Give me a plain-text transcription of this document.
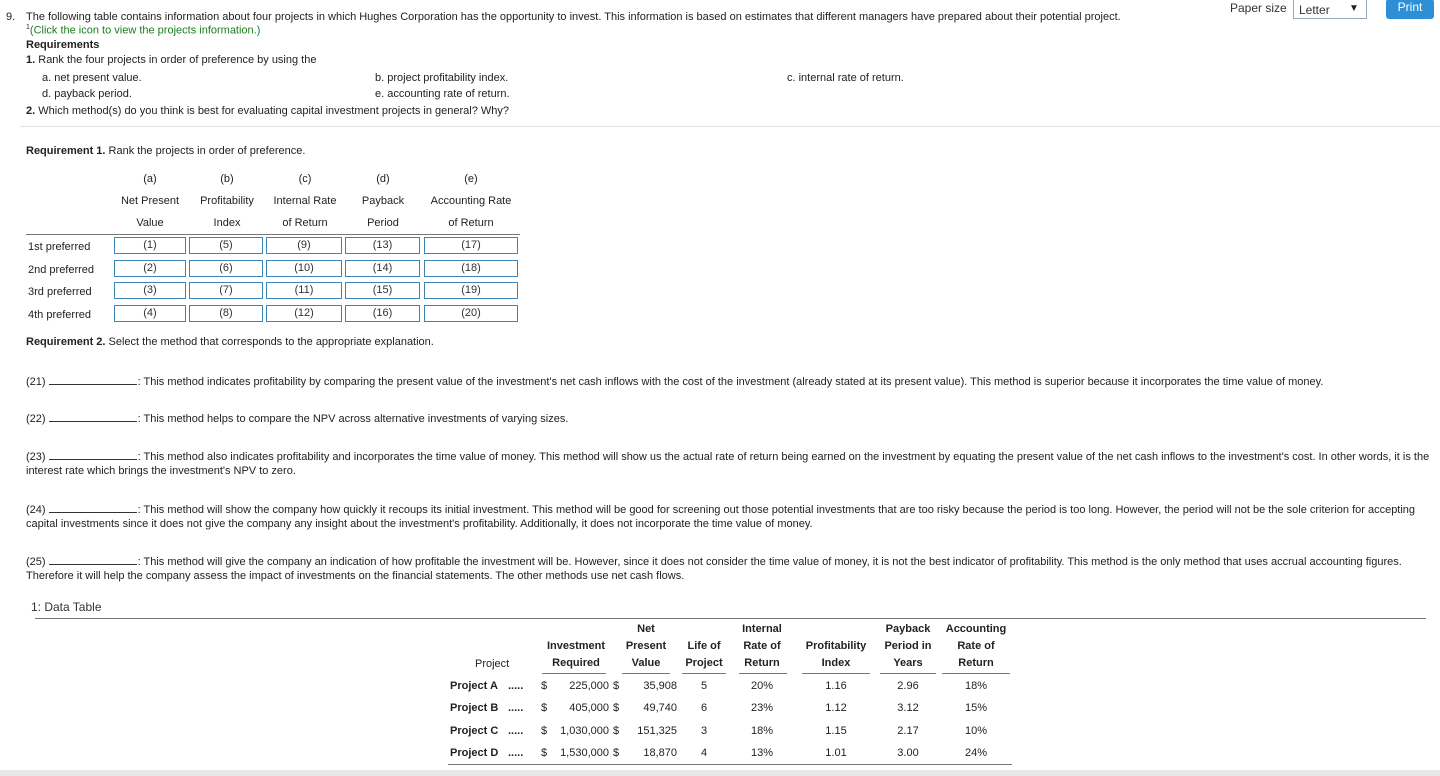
9. The following table contains information about four projects in which Hughes Corporation has the opportunity to invest. This information is based on estimates that different managers have prepared about their potential project.
$^1$(Click the icon to view the projects information.)
Requirements
1. Rank the four projects in order of preference by using the
a. net present value.	b. project profitability index.	c. internal rate of return.
d. payback period.	e. accounting rate of return.
2. Which method(s) do you think is best for evaluating capital investment projects in general? Why?
Paper size	Letter	▼	Print
Requirement 1. Rank the projects in order of preference.
(a)
Net Present
Value
(b)
Profitability
Index
(c)
Internal Rate
of Return
(d)
Payback
Period
(e)
Accounting Rate
of Return
1st preferred
2nd preferred
3rd preferred
4th preferred
(1)	(5)	(9)	(13)	(17)
(2)	(6)	(10)	(14)	(18)
(3)	(7)	(11)	(15)	(19)
(4)	(8)	(12)	(16)	(20)
Requirement 2. Select the method that corresponds to the appropriate explanation.
(21)	: This method indicates profitability by comparing the present value of the investment's net cash inflows with the cost of the investment (already stated at its present value). This method is superior because it incorporates the time value of money.
(22)	: This method helps to compare the NPV across alternative investments of varying sizes.
(23)	: This method also indicates profitability and incorporates the time value of money. This method will show us the actual rate of return being earned on the investment by equating the present value of the net cash inflows to the investment's cost. In other words, it is the interest rate which brings the investment's NPV to zero.
(24)	: This method will show the company how quickly it recoups its initial investment. This method will be good for screening out those potential investments that are too risky because the period is too long. However, the period will not be the sole criterion for accepting capital investments since it does not give the company any insight about the investment's profitability. Additionally, it does not incorporate the time value of money.
(25)	: This method will give the company an indication of how profitable the investment will be. However, since it does not consider the time value of money, it is not the best indicator of profitability. This method is the only method that uses accrual accounting figures. Therefore it will help the company assess the impact of investments on the financial statements. The other methods use net cash flows.
1: Data Table
Net	Internal	Payback	Accounting
Investment	Present	Life of	Rate of	Profitability	Period in	Rate of
Project	Required	Value	Project	Return	Index	Years	Return
Project A ..... $	225,000 $	35,908	5	20%	1.16	2.96	18%
Project B ..... $	405,000 $	49,740	6	23%	1.12	3.12	15%
Project C ..... $	1,030,000 $	151,325	3	18%	1.15	2.17	10%
Project D ..... $	1,530,000 $	18,870	4	13%	1.01	3.00	24%
